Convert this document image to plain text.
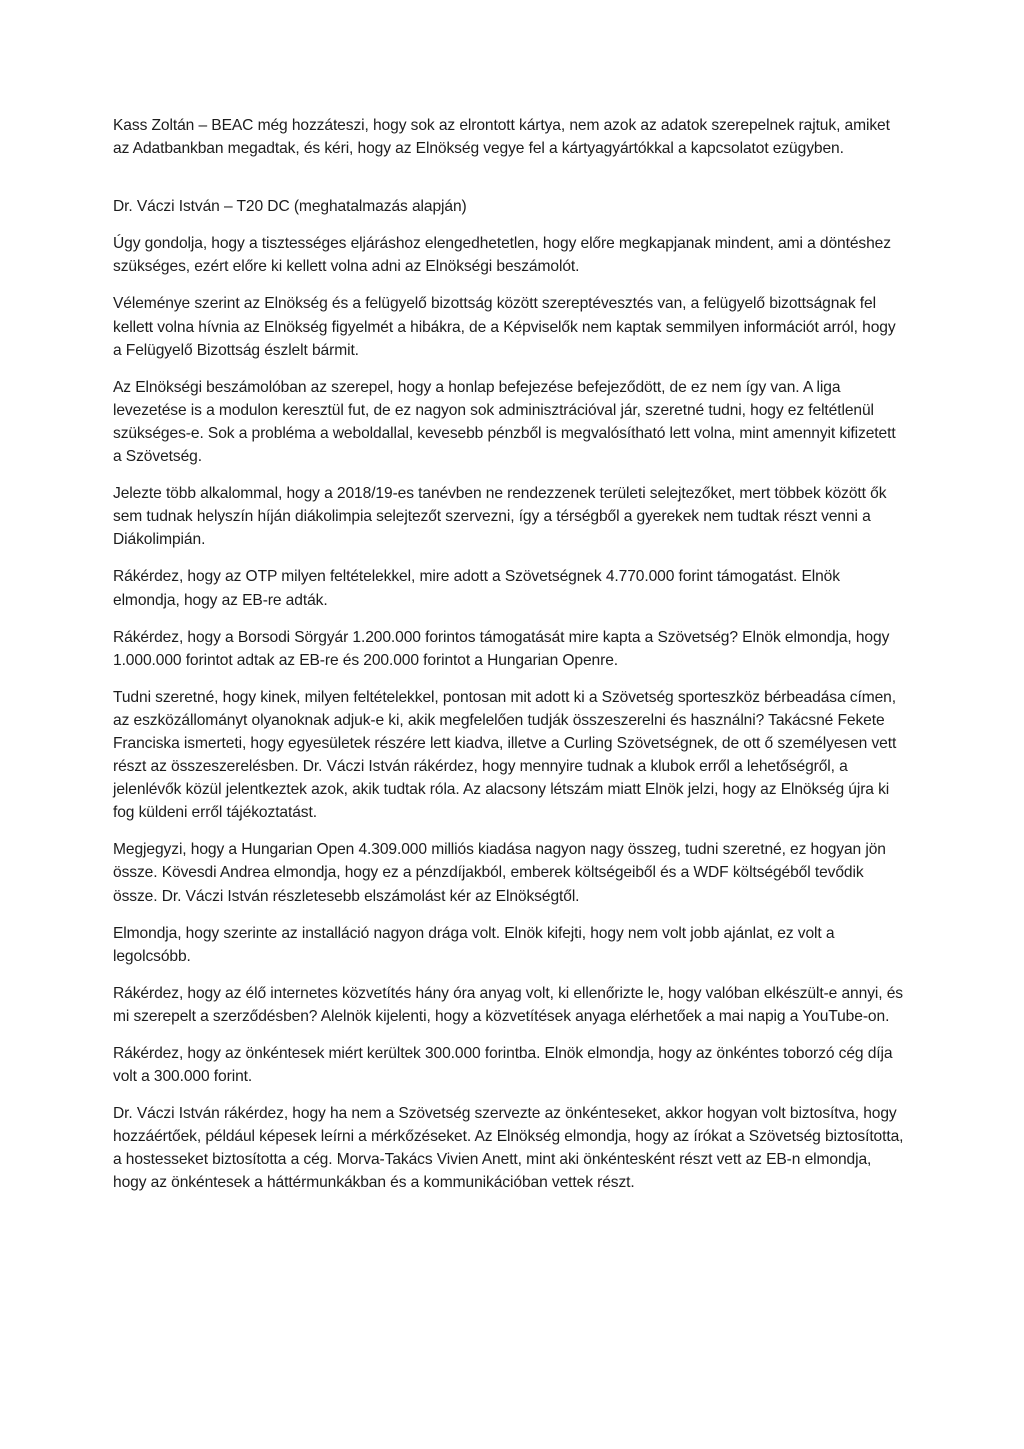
Kass Zoltán – BEAC még hozzáteszi, hogy sok az elrontott kártya, nem azok az adatok szerepelnek rajtuk, amiket az Adatbankban megadtak, és kéri, hogy az Elnökség vegye fel a kártyagyártókkal a kapcsolatot ezügyben.

Dr. Váczi István – T20 DC (meghatalmazás alapján)

Úgy gondolja, hogy a tisztességes eljáráshoz elengedhetetlen, hogy előre megkapjanak mindent, ami a döntéshez szükséges, ezért előre ki kellett volna adni az Elnökségi beszámolót.

Véleménye szerint az Elnökség és a felügyelő bizottság között szereptévesztés van, a felügyelő bizottságnak fel kellett volna hívnia az Elnökség figyelmét a hibákra, de a Képviselők nem kaptak semmilyen információt arról, hogy a Felügyelő Bizottság észlelt bármit.

Az Elnökségi beszámolóban az szerepel, hogy a honlap befejezése befejeződött, de ez nem így van. A liga levezetése is a modulon keresztül fut, de ez nagyon sok adminisztrációval jár, szeretné tudni, hogy ez feltétlenül szükséges-e. Sok a probléma a weboldallal, kevesebb pénzből is megvalósítható lett volna, mint amennyit kifizetett a Szövetség.

Jelezte több alkalommal, hogy a 2018/19-es tanévben ne rendezzenek területi selejtezőket, mert többek között ők sem tudnak helyszín híján diákolimpia selejtezőt szervezni, így a térségből a gyerekek nem tudtak részt venni a Diákolimpián.

Rákérdez, hogy az OTP milyen feltételekkel, mire adott a Szövetségnek 4.770.000 forint támogatást. Elnök elmondja, hogy az EB-re adták.

Rákérdez, hogy a Borsodi Sörgyár 1.200.000 forintos támogatását mire kapta a Szövetség? Elnök elmondja, hogy 1.000.000 forintot adtak az EB-re és 200.000 forintot a Hungarian Openre.

Tudni szeretné, hogy kinek, milyen feltételekkel, pontosan mit adott ki a Szövetség sporteszköz bérbeadása címen, az eszközállományt olyanoknak adjuk-e ki, akik megfelelően tudják összeszerelni és használni? Takácsné Fekete Franciska ismerteti, hogy egyesületek részére lett kiadva, illetve a Curling Szövetségnek, de ott ő személyesen vett részt az összeszerelésben. Dr. Váczi István rákérdez, hogy mennyire tudnak a klubok erről a lehetőségről, a jelenlévők közül jelentkeztek azok, akik tudtak róla. Az alacsony létszám miatt Elnök jelzi, hogy az Elnökség újra ki fog küldeni erről tájékoztatást.

Megjegyzi, hogy a Hungarian Open 4.309.000 milliós kiadása nagyon nagy összeg, tudni szeretné, ez hogyan jön össze. Kövesdi Andrea elmondja, hogy ez a pénzdíjakból, emberek költségeiből és a WDF költségéből tevődik össze. Dr. Váczi István részletesebb elszámolást kér az Elnökségtől.

Elmondja, hogy szerinte az installáció nagyon drága volt. Elnök kifejti, hogy nem volt jobb ajánlat, ez volt a legolcsóbb.

Rákérdez, hogy az élő internetes közvetítés hány óra anyag volt, ki ellenőrizte le, hogy valóban elkészült-e annyi, és mi szerepelt a szerződésben? Alelnök kijelenti, hogy a közvetítések anyaga elérhetőek a mai napig a YouTube-on.

Rákérdez, hogy az önkéntesek miért kerültek 300.000 forintba. Elnök elmondja, hogy az önkéntes toborzó cég díja volt a 300.000 forint.

Dr. Váczi István rákérdez, hogy ha nem a Szövetség szervezte az önkénteseket, akkor hogyan volt biztosítva, hogy hozzáértőek, például képesek leírni a mérkőzéseket. Az Elnökség elmondja, hogy az írókat a Szövetség biztosította, a hostesseket biztosította a cég. Morva-Takács Vivien Anett, mint aki önkéntesként részt vett az EB-n elmondja, hogy az önkéntesek a háttérmunkákban és a kommunikációban vettek részt.
